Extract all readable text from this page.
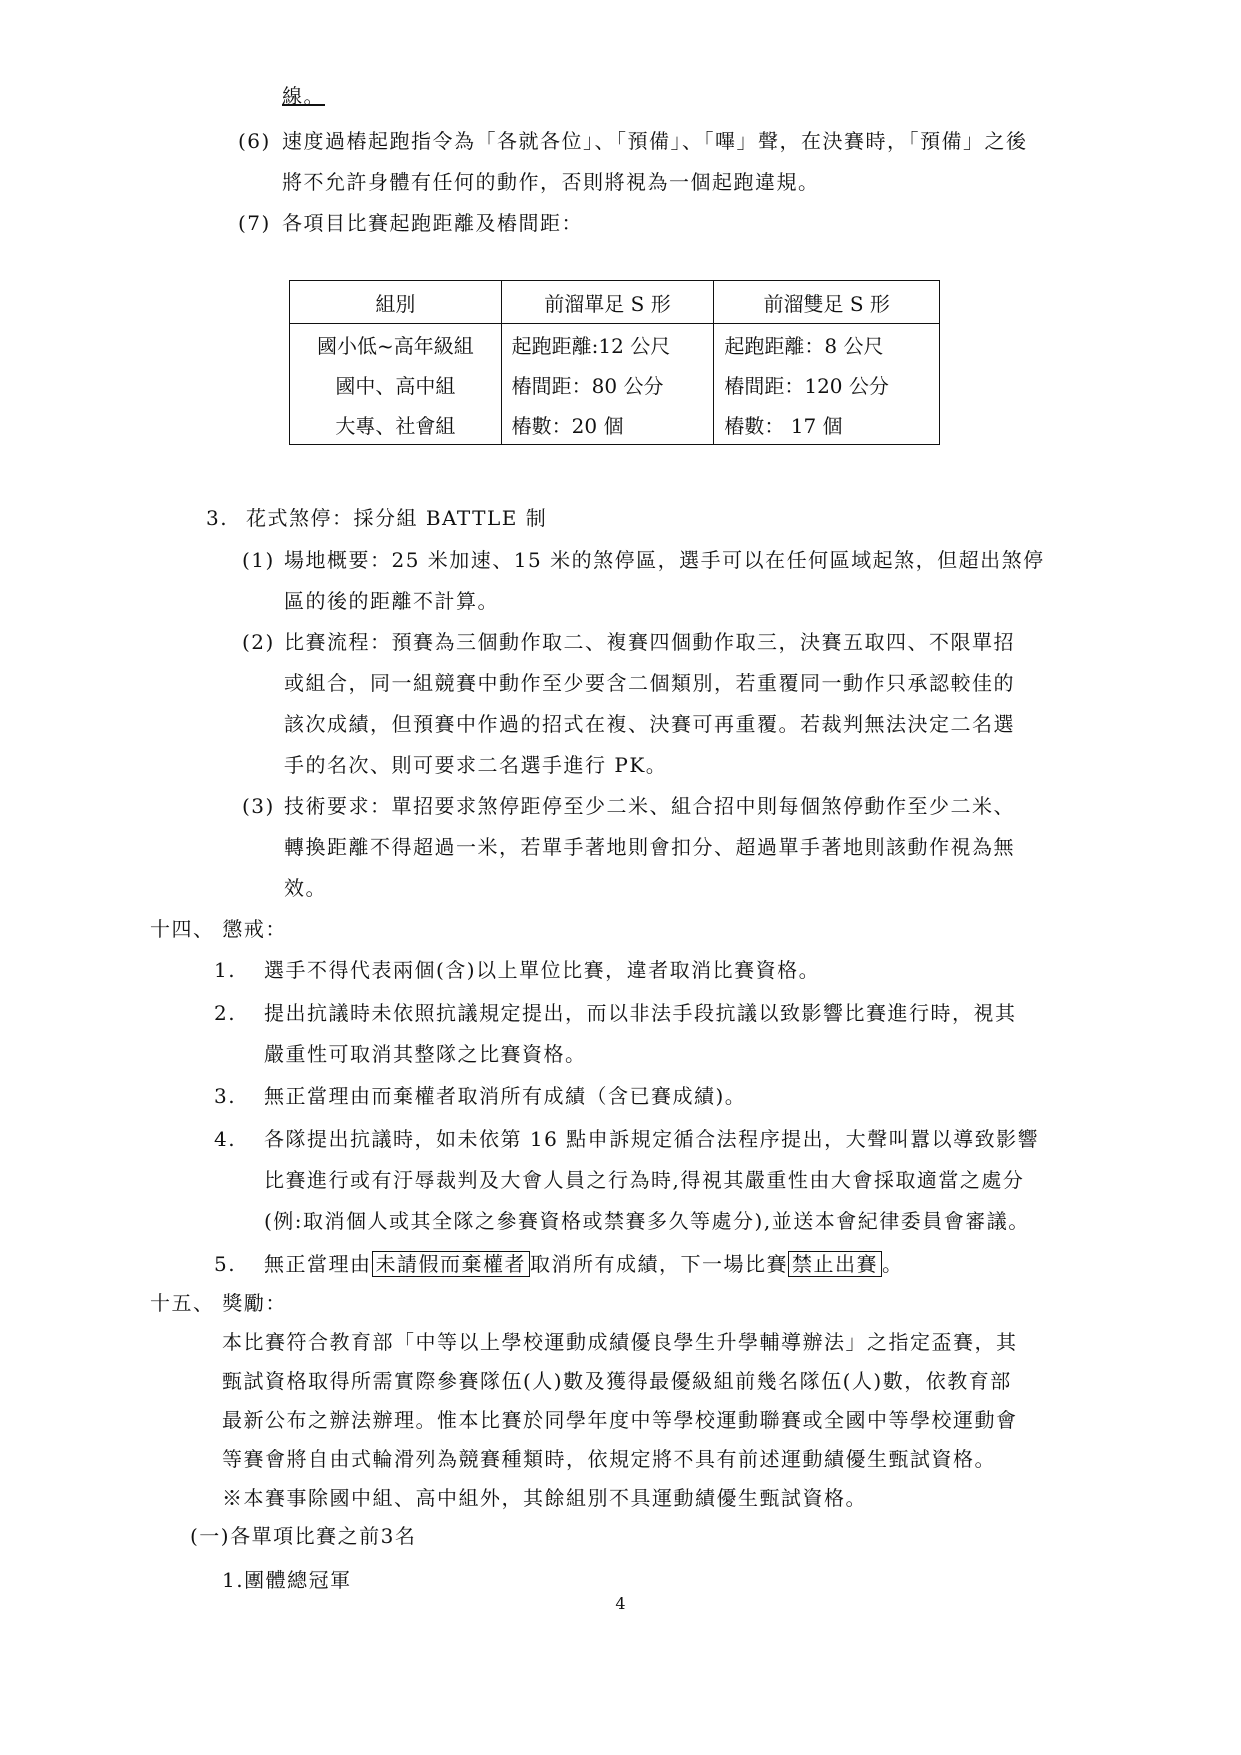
線。
(6) 速度過樁起跑指令為「各就各位」、「預備」、「嗶」聲，在決賽時，「預備」之後
將不允許身體有任何的動作，否則將視為一個起跑違規。
(7) 各項目比賽起跑距離及樁間距：
組別	前溜單足 S 形	前溜雙足 S 形
國小低~高年級組	起跑距離:12 公尺	起跑距離：8 公尺
國中、高中組	樁間距：80 公分	樁間距：120 公分
大專、社會組	樁數：20 個	樁數： 17 個
3. 花式煞停：採分組 BATTLE 制
(1) 場地概要：25 米加速、15 米的煞停區，選手可以在任何區域起煞，但超出煞停
區的後的距離不計算。
(2) 比賽流程：預賽為三個動作取二、複賽四個動作取三，決賽五取四、不限單招
或組合，同一組競賽中動作至少要含二個類別，若重覆同一動作只承認較佳的
該次成績，但預賽中作過的招式在複、決賽可再重覆。若裁判無法決定二名選
手的名次、則可要求二名選手進行 PK。
(3) 技術要求：單招要求煞停距停至少二米、組合招中則每個煞停動作至少二米、
轉換距離不得超過一米，若單手著地則會扣分、超過單手著地則該動作視為無
效。
十四、 懲戒：
1. 選手不得代表兩個(含)以上單位比賽，違者取消比賽資格。
2. 提出抗議時未依照抗議規定提出，而以非法手段抗議以致影響比賽進行時，視其
嚴重性可取消其整隊之比賽資格。
3. 無正當理由而棄權者取消所有成績（含已賽成績)。
4. 各隊提出抗議時，如未依第 16 點申訴規定循合法程序提出，大聲叫囂以導致影響
比賽進行或有汙辱裁判及大會人員之行為時,得視其嚴重性由大會採取適當之處分
(例:取消個人或其全隊之參賽資格或禁賽多久等處分),並送本會紀律委員會審議。
5. 無正當理由 未請假而棄權者 取消所有成績，下一場比賽 禁止出賽 。
十五、 獎勵：
本比賽符合教育部「中等以上學校運動成績優良學生升學輔導辦法」之指定盃賽，其
甄試資格取得所需實際參賽隊伍(人)數及獲得最優級組前幾名隊伍(人)數，依教育部
最新公布之辦法辦理。惟本比賽於同學年度中等學校運動聯賽或全國中等學校運動會
等賽會將自由式輪滑列為競賽種類時，依規定將不具有前述運動績優生甄試資格。
※本賽事除國中組、高中組外，其餘組別不具運動績優生甄試資格。
(一)各單項比賽之前3名
1.團體總冠軍
4
